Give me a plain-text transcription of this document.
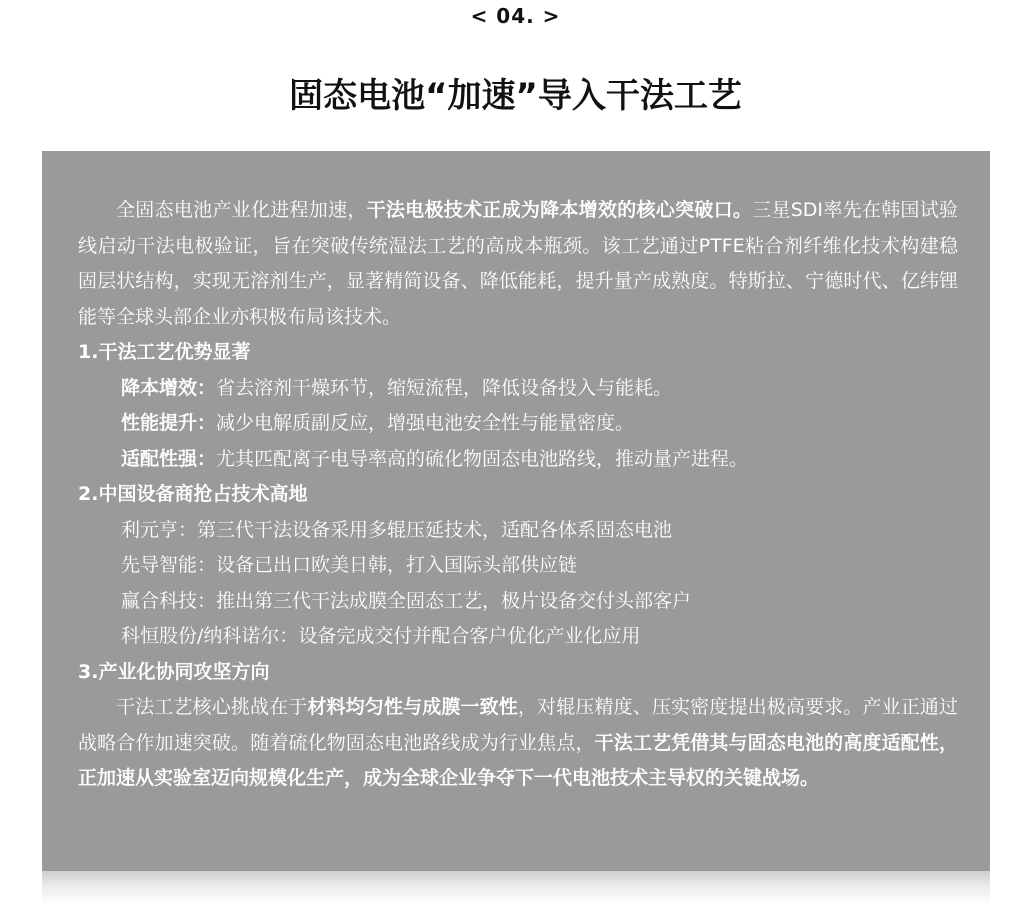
< 04. >
固态电池“加速”导入干法工艺

全固态电池产业化进程加速，干法电极技术正成为降本增效的核心突破口。三星SDI率先在韩国试验线启动干法电极验证，旨在突破传统湿法工艺的高成本瓶颈。该工艺通过PTFE粘合剂纤维化技术构建稳固层状结构，实现无溶剂生产，显著精简设备、降低能耗，提升量产成熟度。特斯拉、宁德时代、亿纬锂能等全球头部企业亦积极布局该技术。

1.干法工艺优势显著

降本增效：省去溶剂干燥环节，缩短流程，降低设备投入与能耗。

性能提升：减少电解质副反应，增强电池安全性与能量密度。

适配性强：尤其匹配离子电导率高的硫化物固态电池路线，推动量产进程。

2.中国设备商抢占技术高地

利元亨：第三代干法设备采用多辊压延技术，适配各体系固态电池

先导智能：设备已出口欧美日韩，打入国际头部供应链

赢合科技：推出第三代干法成膜全固态工艺，极片设备交付头部客户

科恒股份/纳科诺尔：设备完成交付并配合客户优化产业化应用

3.产业化协同攻坚方向

干法工艺核心挑战在于材料均匀性与成膜一致性，对辊压精度、压实密度提出极高要求。产业正通过战略合作加速突破。随着硫化物固态电池路线成为行业焦点，干法工艺凭借其与固态电池的高度适配性，正加速从实验室迈向规模化生产，成为全球企业争夺下一代电池技术主导权的关键战场。
